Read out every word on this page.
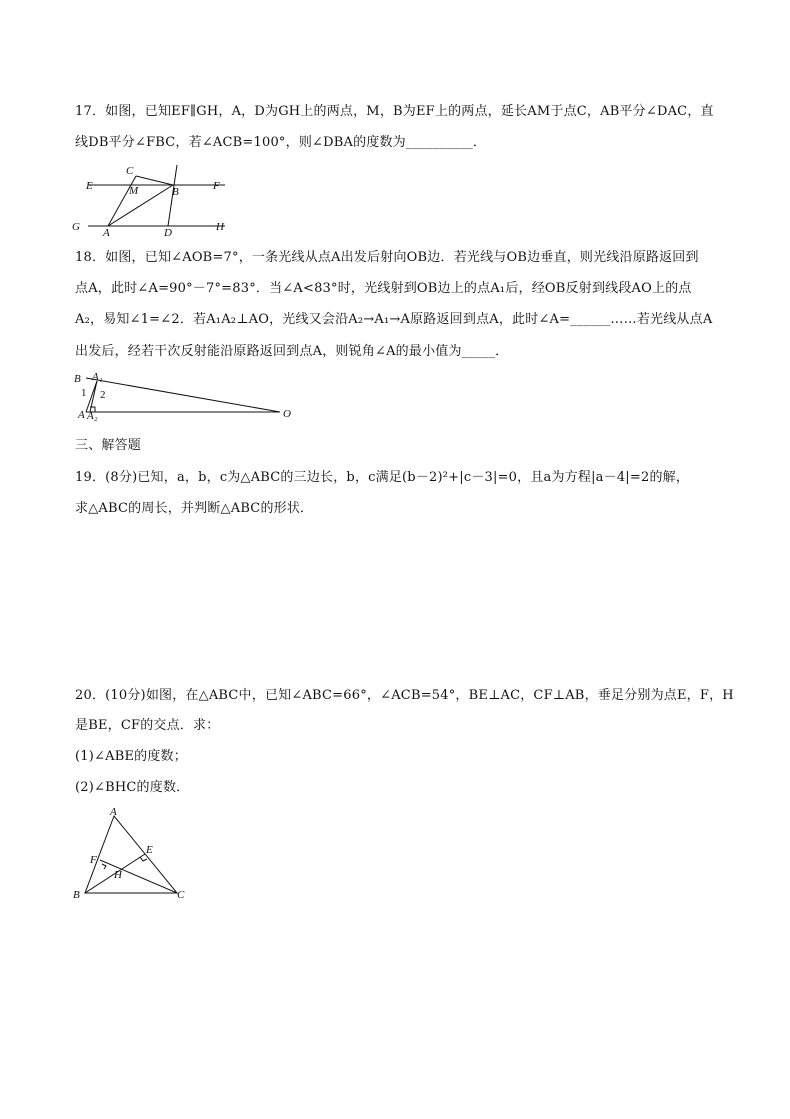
17．如图，已知EF∥GH，A，D为GH上的两点，M，B为EF上的两点，延长AM于点C，AB平分∠DAC，直
线DB平分∠FBC，若∠ACB=100°，则∠DBA的度数为__________．
E	F
G	H
C
M	B
A	D
18．如图，已知∠AOB=7°，一条光线从点A出发后射向OB边．若光线与OB边垂直，则光线沿原路返回到
点A，此时∠A=90°－7°=83°．当∠A<83°时，光线射到OB边上的点A₁后，经OB反射到线段AO上的点
A₂，易知∠1=∠2．若A₁A₂⊥AO，光线又会沿A₂→A₁→A原路返回到点A，此时∠A=______……若光线从点A
出发后，经若干次反射能沿原路返回到点A，则锐角∠A的最小值为_____．
B A₁
1 2
A A₂	O
三、解答题
19．(8分)已知，a，b，c为△ABC的三边长，b，c满足(b－2)²+|c－3|=0，且a为方程|a－4|=2的解，
求△ABC的周长，并判断△ABC的形状．
20．(10分)如图，在△ABC中，已知∠ABC=66°，∠ACB=54°，BE⊥AC，CF⊥AB，垂足分别为点E，F，H
是BE，CF的交点．求：
(1)∠ABE的度数；
(2)∠BHC的度数．
A
E
F
H
B	C
